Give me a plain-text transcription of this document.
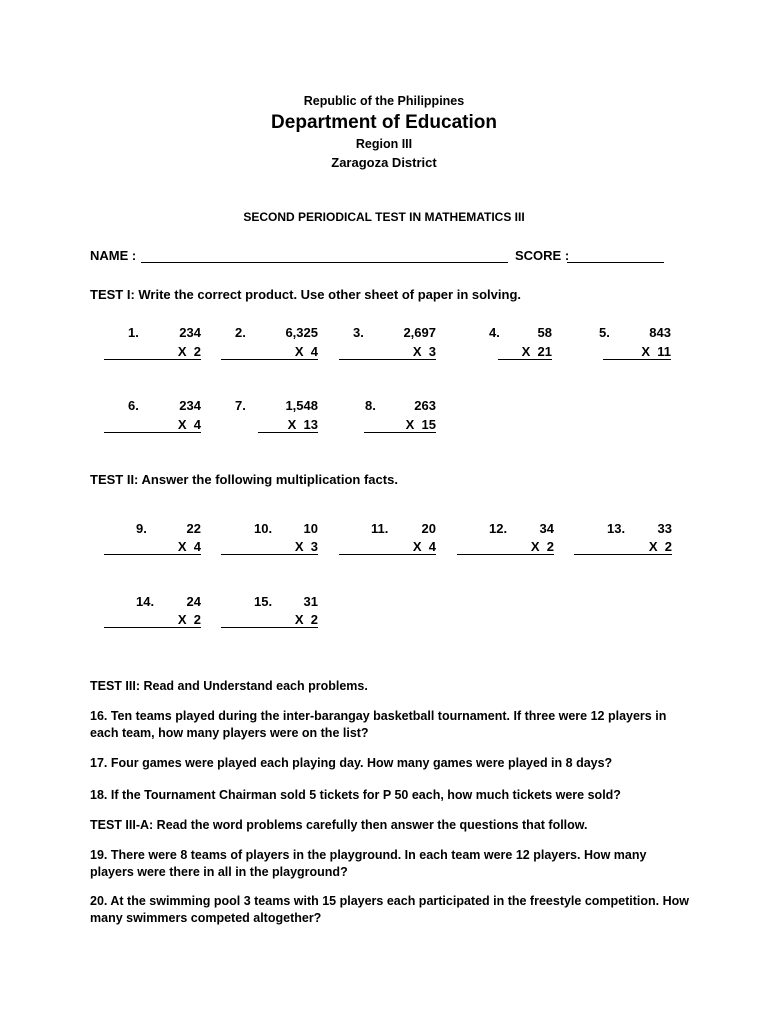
Republic of the Philippines
Department of Education
Region III
Zaragoza District
SECOND PERIODICAL TEST IN MATHEMATICS III
NAME :	SCORE :
TEST I: Write the correct product. Use other sheet of paper in solving.
1.	234
X  2
2.	6,325
X  4
3.	2,697
X  3
4.	58
X  21
5.	843
X  11
6.	234
X  4
7.	1,548
X  13
8.	263
X  15
TEST II: Answer the following multiplication facts.
9.	22
X  4
10.	10
X  3
11.	20
X  4
12.	34
X  2
13.	33
X  2
14.	24
X  2
15.	31
X  2
TEST III: Read and Understand each problems.
16. Ten teams played during the inter-barangay basketball tournament. If three were 12 players in each team, how many players were on the list?
17. Four games were played each playing day. How many games were played in 8 days?
18. If the Tournament Chairman sold 5 tickets for P 50 each, how much tickets were sold?
TEST III-A: Read the word problems carefully then answer the questions that follow.
19. There were 8 teams of players in the playground. In each team were 12 players. How many players were there in all in the playground?
20. At the swimming pool 3 teams with 15 players each participated in the freestyle competition. How many swimmers competed altogether?
